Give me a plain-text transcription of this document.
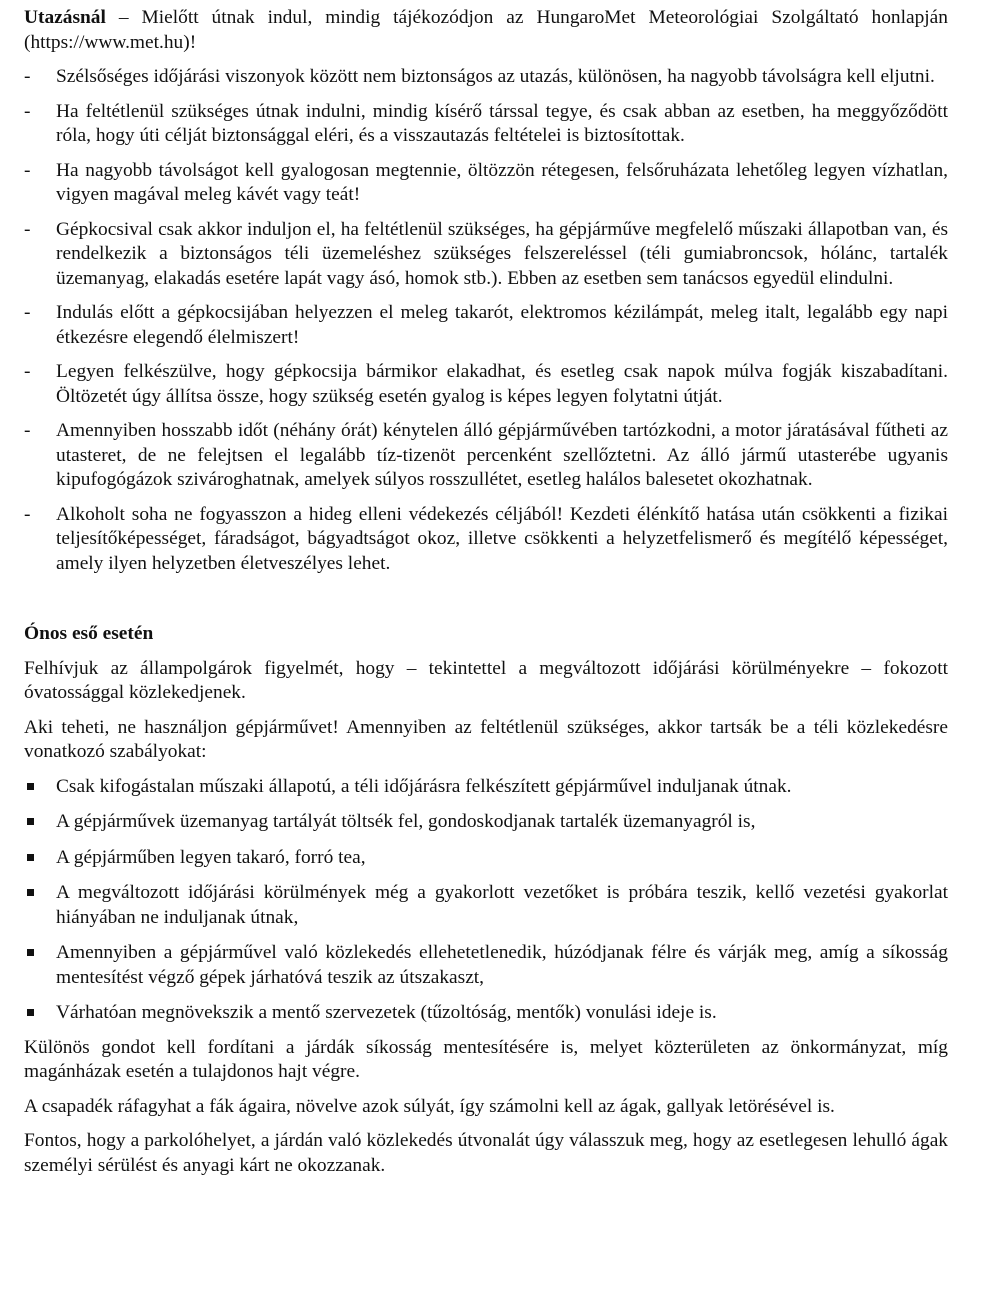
Utazásnál – Mielőtt útnak indul, mindig tájékozódjon az HungaroMet Meteorológiai Szolgáltató honlapján (https://www.met.hu)!

-	Szélsőséges időjárási viszonyok között nem biztonságos az utazás, különösen, ha nagyobb távolságra kell eljutni.
-	Ha feltétlenül szükséges útnak indulni, mindig kísérő társsal tegye, és csak abban az esetben, ha meggyőződött róla, hogy úti célját biztonsággal eléri, és a visszautazás feltételei is biztosítottak.
-	Ha nagyobb távolságot kell gyalogosan megtennie, öltözzön rétegesen, felsőruházata lehetőleg legyen vízhatlan, vigyen magával meleg kávét vagy teát!
-	Gépkocsival csak akkor induljon el, ha feltétlenül szükséges, ha gépjárműve megfelelő műszaki állapotban van, és rendelkezik a biztonságos téli üzemeléshez szükséges felszereléssel (téli gumiabroncsok, hólánc, tartalék üzemanyag, elakadás esetére lapát vagy ásó, homok stb.). Ebben az esetben sem tanácsos egyedül elindulni.
-	Indulás előtt a gépkocsijában helyezzen el meleg takarót, elektromos kézilámpát, meleg italt, legalább egy napi étkezésre elegendő élelmiszert!
-	Legyen felkészülve, hogy gépkocsija bármikor elakadhat, és esetleg csak napok múlva fogják kiszabadítani. Öltözetét úgy állítsa össze, hogy szükség esetén gyalog is képes legyen folytatni útját.
-	Amennyiben hosszabb időt (néhány órát) kénytelen álló gépjárművében tartózkodni, a motor járatásával fűtheti az utasteret, de ne felejtsen el legalább tíz-tizenöt percenként szellőztetni. Az álló jármű utasterébe ugyanis kipufogógázok szivároghatnak, amelyek súlyos rosszullétet, esetleg halálos balesetet okozhatnak.
-	Alkoholt soha ne fogyasszon a hideg elleni védekezés céljából! Kezdeti élénkítő hatása után csökkenti a fizikai teljesítőképességet, fáradságot, bágyadtságot okoz, illetve csökkenti a helyzetfelismerő és megítélő képességet, amely ilyen helyzetben életveszélyes lehet.

Ónos eső esetén

Felhívjuk az állampolgárok figyelmét, hogy – tekintettel a megváltozott időjárási körülményekre – fokozott óvatossággal közlekedjenek.

Aki teheti, ne használjon gépjárművet! Amennyiben az feltétlenül szükséges, akkor tartsák be a téli közlekedésre vonatkozó szabályokat:

Csak kifogástalan műszaki állapotú, a téli időjárásra felkészített gépjárművel induljanak útnak.
A gépjárművek üzemanyag tartályát töltsék fel, gondoskodjanak tartalék üzemanyagról is,
A gépjárműben legyen takaró, forró tea,
A megváltozott időjárási körülmények még a gyakorlott vezetőket is próbára teszik, kellő vezetési gyakorlat hiányában ne induljanak útnak,
Amennyiben a gépjárművel való közlekedés ellehetetlenedik, húzódjanak félre és várják meg, amíg a síkosság mentesítést végző gépek járhatóvá teszik az útszakaszt,
Várhatóan megnövekszik a mentő szervezetek (tűzoltóság, mentők) vonulási ideje is.

Különös gondot kell fordítani a járdák síkosság mentesítésére is, melyet közterületen az önkormányzat, míg magánházak esetén a tulajdonos hajt végre.

A csapadék ráfagyhat a fák ágaira, növelve azok súlyát, így számolni kell az ágak, gallyak letörésével is.

Fontos, hogy a parkolóhelyet, a járdán való közlekedés útvonalát úgy válasszuk meg, hogy az esetlegesen lehulló ágak személyi sérülést és anyagi kárt ne okozzanak.
